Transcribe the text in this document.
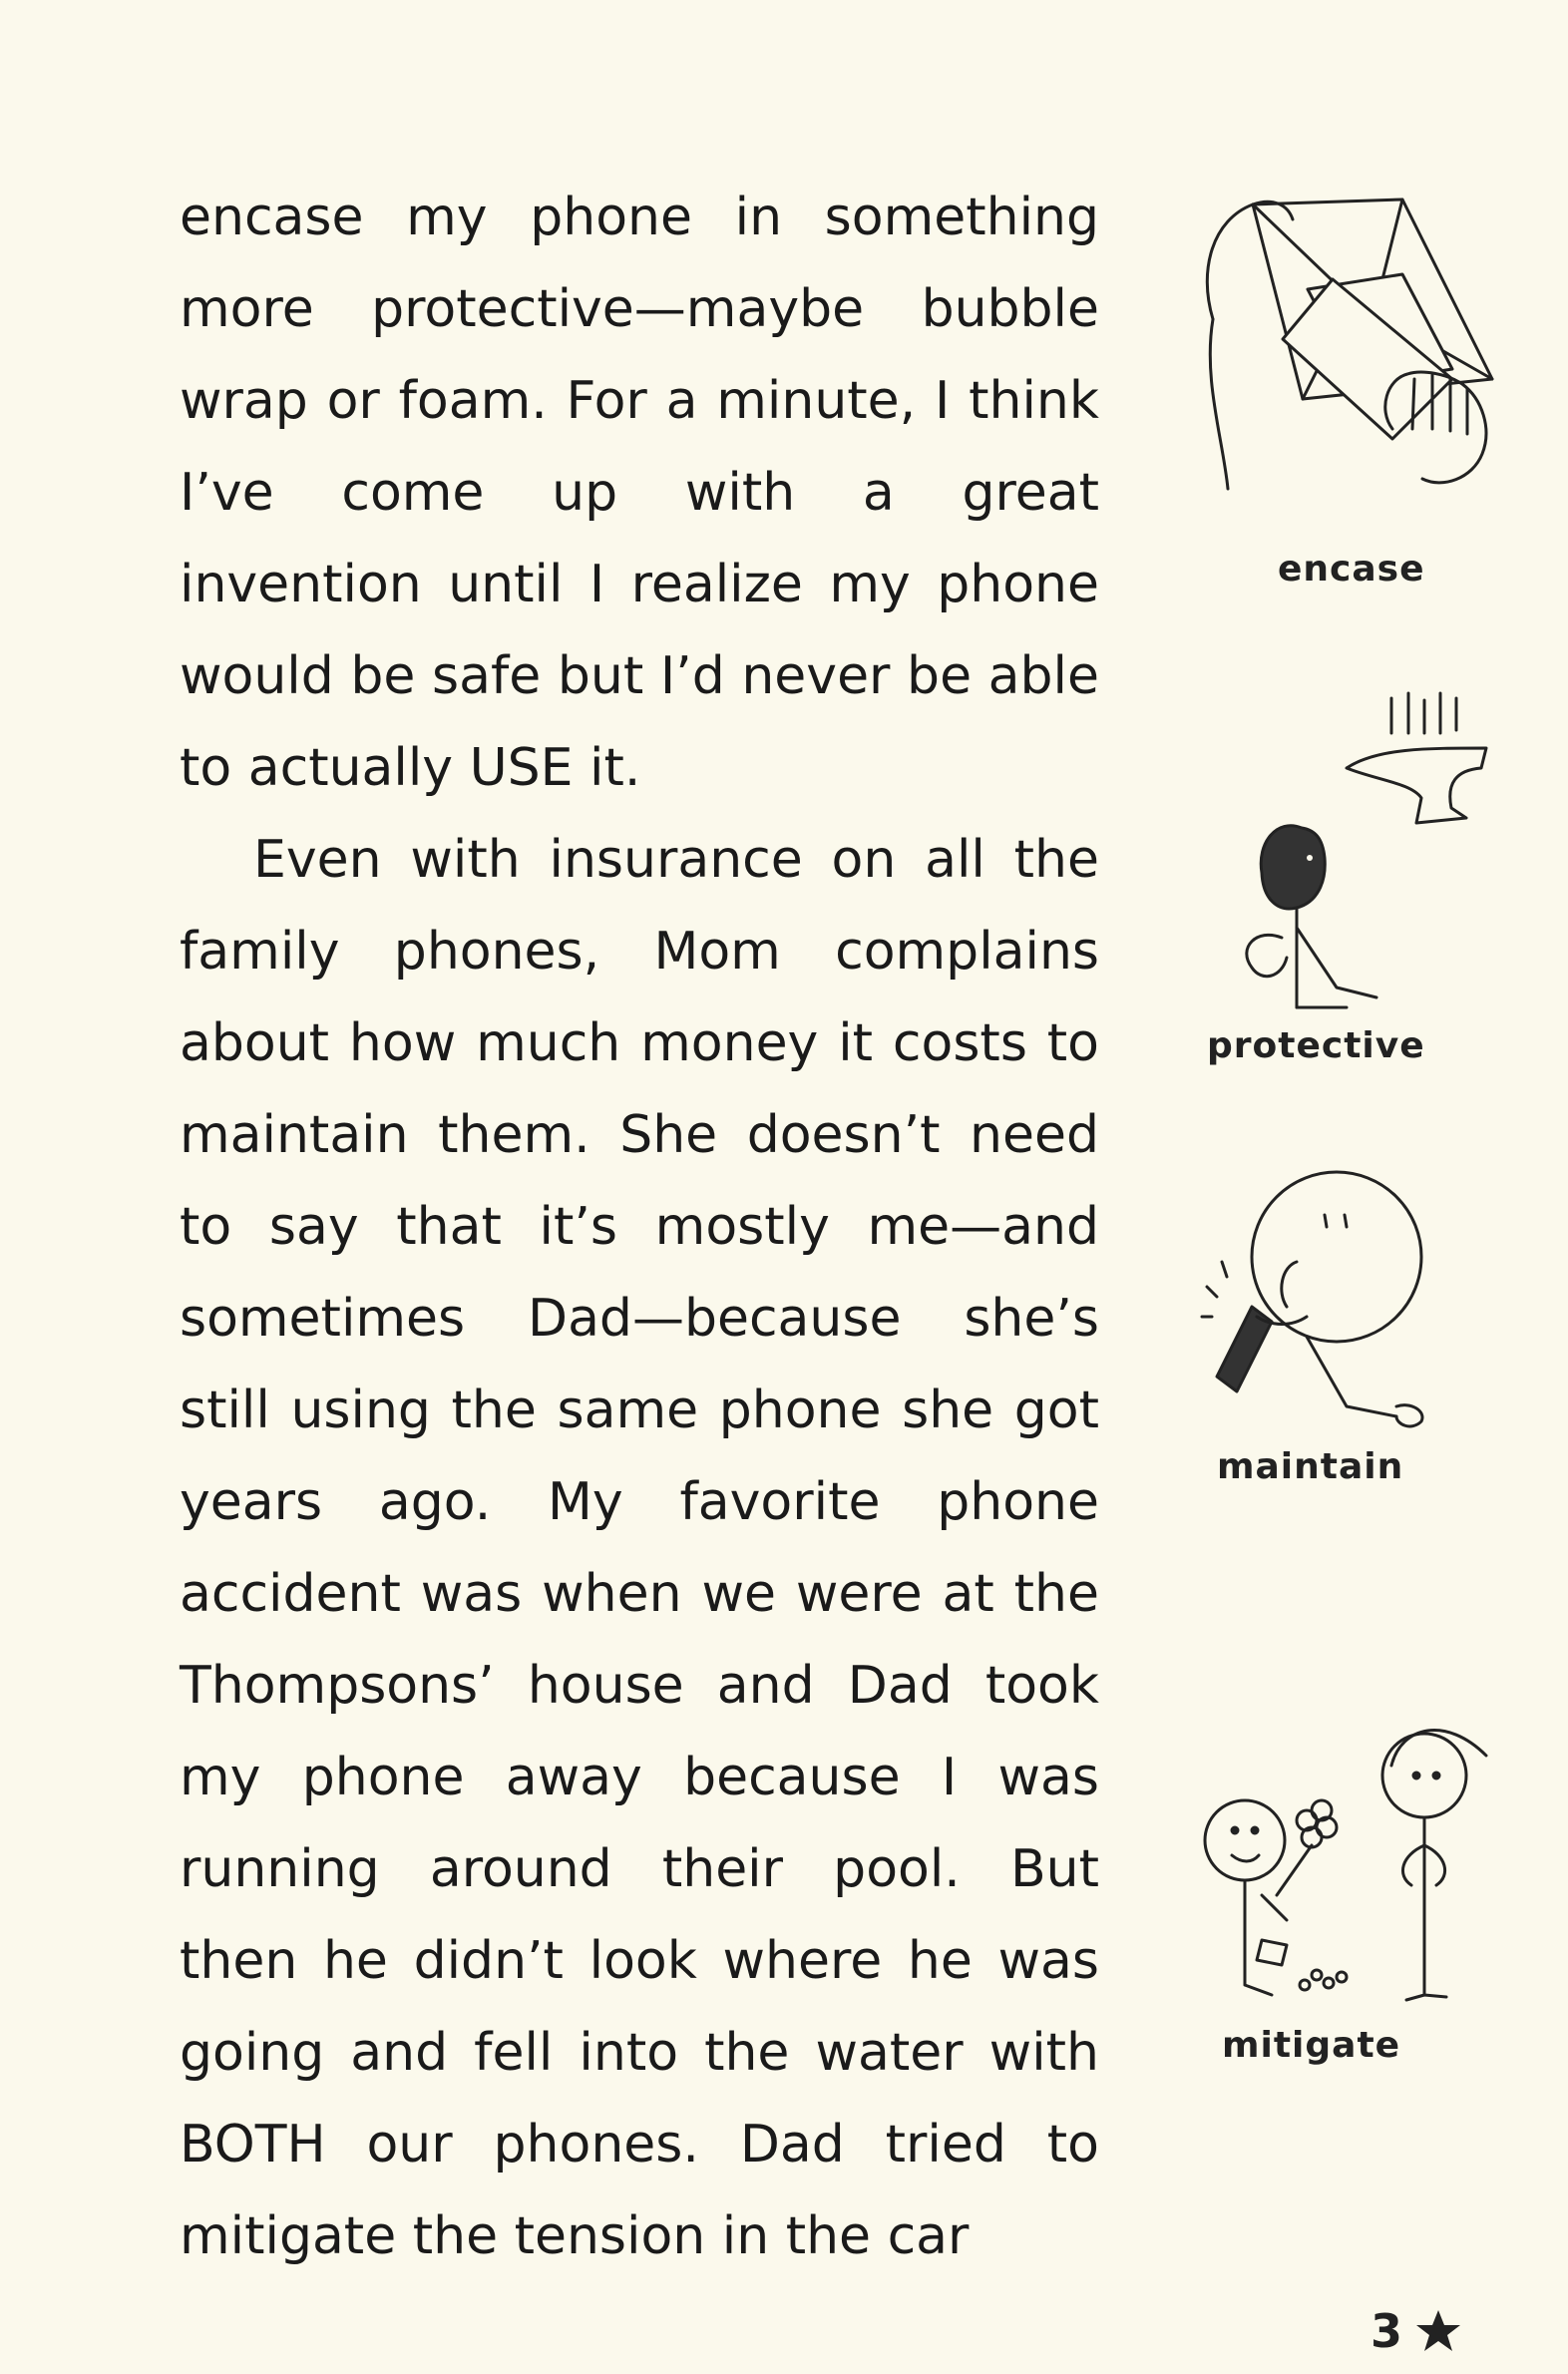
encase my phone in something more protective—maybe bubble wrap or foam. For a minute, I think I’ve come up with a great invention until I realize my phone would be safe but I’d never be able to actually USE it.

Even with insurance on all the family phones, Mom complains about how much money it costs to maintain them. She doesn’t need to say that it’s mostly me—and sometimes Dad—because she’s still using the same phone she got years ago. My favorite phone accident was when we were at the Thompsons’ house and Dad took my phone away because I was running around their pool. But then he didn’t look where he was going and fell into the water with BOTH our phones. Dad tried to mitigate the tension in the car

encase
protective
maintain
mitigate
3
